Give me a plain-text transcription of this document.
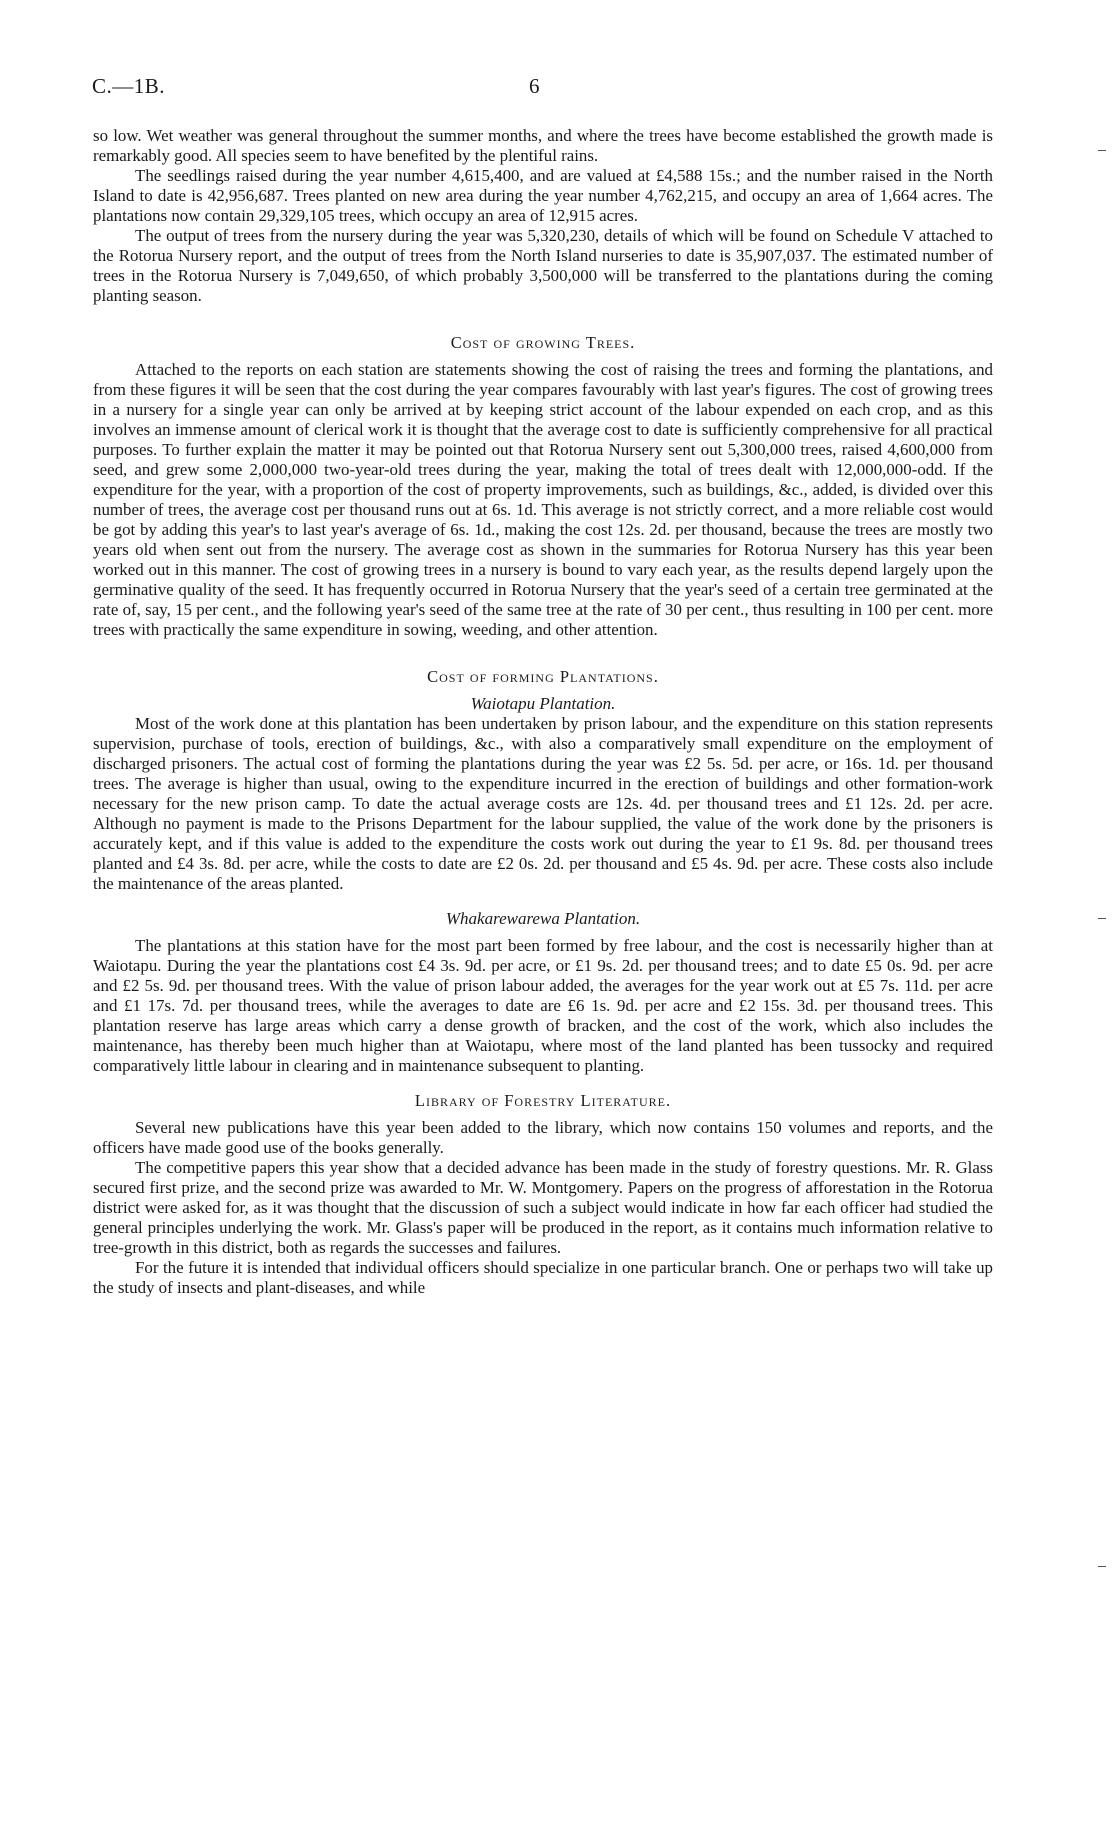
C.—1B.	6

so low. Wet weather was general throughout the summer months, and where the trees have become established the growth made is remarkably good. All species seem to have benefited by the plentiful rains.

The seedlings raised during the year number 4,615,400, and are valued at £4,588 15s.; and the number raised in the North Island to date is 42,956,687. Trees planted on new area during the year number 4,762,215, and occupy an area of 1,664 acres. The plantations now contain 29,329,105 trees, which occupy an area of 12,915 acres.

The output of trees from the nursery during the year was 5,320,230, details of which will be found on Schedule V attached to the Rotorua Nursery report, and the output of trees from the North Island nurseries to date is 35,907,037. The estimated number of trees in the Rotorua Nursery is 7,049,650, of which probably 3,500,000 will be transferred to the plantations during the coming planting season.

Cost of growing Trees.

Attached to the reports on each station are statements showing the cost of raising the trees and forming the plantations, and from these figures it will be seen that the cost during the year compares favourably with last year's figures. The cost of growing trees in a nursery for a single year can only be arrived at by keeping strict account of the labour expended on each crop, and as this involves an immense amount of clerical work it is thought that the average cost to date is sufficiently comprehensive for all practical purposes. To further explain the matter it may be pointed out that Rotorua Nursery sent out 5,300,000 trees, raised 4,600,000 from seed, and grew some 2,000,000 two-year-old trees during the year, making the total of trees dealt with 12,000,000-odd. If the expenditure for the year, with a proportion of the cost of property improvements, such as buildings, &c., added, is divided over this number of trees, the average cost per thousand runs out at 6s. 1d. This average is not strictly correct, and a more reliable cost would be got by adding this year's to last year's average of 6s. 1d., making the cost 12s. 2d. per thousand, because the trees are mostly two years old when sent out from the nursery. The average cost as shown in the summaries for Rotorua Nursery has this year been worked out in this manner. The cost of growing trees in a nursery is bound to vary each year, as the results depend largely upon the germinative quality of the seed. It has frequently occurred in Rotorua Nursery that the year's seed of a certain tree germinated at the rate of, say, 15 per cent., and the following year's seed of the same tree at the rate of 30 per cent., thus resulting in 100 per cent. more trees with practically the same expenditure in sowing, weeding, and other attention.

Cost of forming Plantations.
Waiotapu Plantation.

Most of the work done at this plantation has been undertaken by prison labour, and the expenditure on this station represents supervision, purchase of tools, erection of buildings, &c., with also a comparatively small expenditure on the employment of discharged prisoners. The actual cost of forming the plantations during the year was £2 5s. 5d. per acre, or 16s. 1d. per thousand trees. The average is higher than usual, owing to the expenditure incurred in the erection of buildings and other formation-work necessary for the new prison camp. To date the actual average costs are 12s. 4d. per thousand trees and £1 12s. 2d. per acre. Although no payment is made to the Prisons Department for the labour supplied, the value of the work done by the prisoners is accurately kept, and if this value is added to the expenditure the costs work out during the year to £1 9s. 8d. per thousand trees planted and £4 3s. 8d. per acre, while the costs to date are £2 0s. 2d. per thousand and £5 4s. 9d. per acre. These costs also include the maintenance of the areas planted.

Whakarewarewa Plantation.

The plantations at this station have for the most part been formed by free labour, and the cost is necessarily higher than at Waiotapu. During the year the plantations cost £4 3s. 9d. per acre, or £1 9s. 2d. per thousand trees; and to date £5 0s. 9d. per acre and £2 5s. 9d. per thousand trees. With the value of prison labour added, the averages for the year work out at £5 7s. 11d. per acre and £1 17s. 7d. per thousand trees, while the averages to date are £6 1s. 9d. per acre and £2 15s. 3d. per thousand trees. This plantation reserve has large areas which carry a dense growth of bracken, and the cost of the work, which also includes the maintenance, has thereby been much higher than at Waiotapu, where most of the land planted has been tussocky and required comparatively little labour in clearing and in maintenance subsequent to planting.

Library of Forestry Literature.

Several new publications have this year been added to the library, which now contains 150 volumes and reports, and the officers have made good use of the books generally.

The competitive papers this year show that a decided advance has been made in the study of forestry questions. Mr. R. Glass secured first prize, and the second prize was awarded to Mr. W. Montgomery. Papers on the progress of afforestation in the Rotorua district were asked for, as it was thought that the discussion of such a subject would indicate in how far each officer had studied the general principles underlying the work. Mr. Glass's paper will be produced in the report, as it contains much information relative to tree-growth in this district, both as regards the successes and failures.

For the future it is intended that individual officers should specialize in one particular branch. One or perhaps two will take up the study of insects and plant-diseases, and while
